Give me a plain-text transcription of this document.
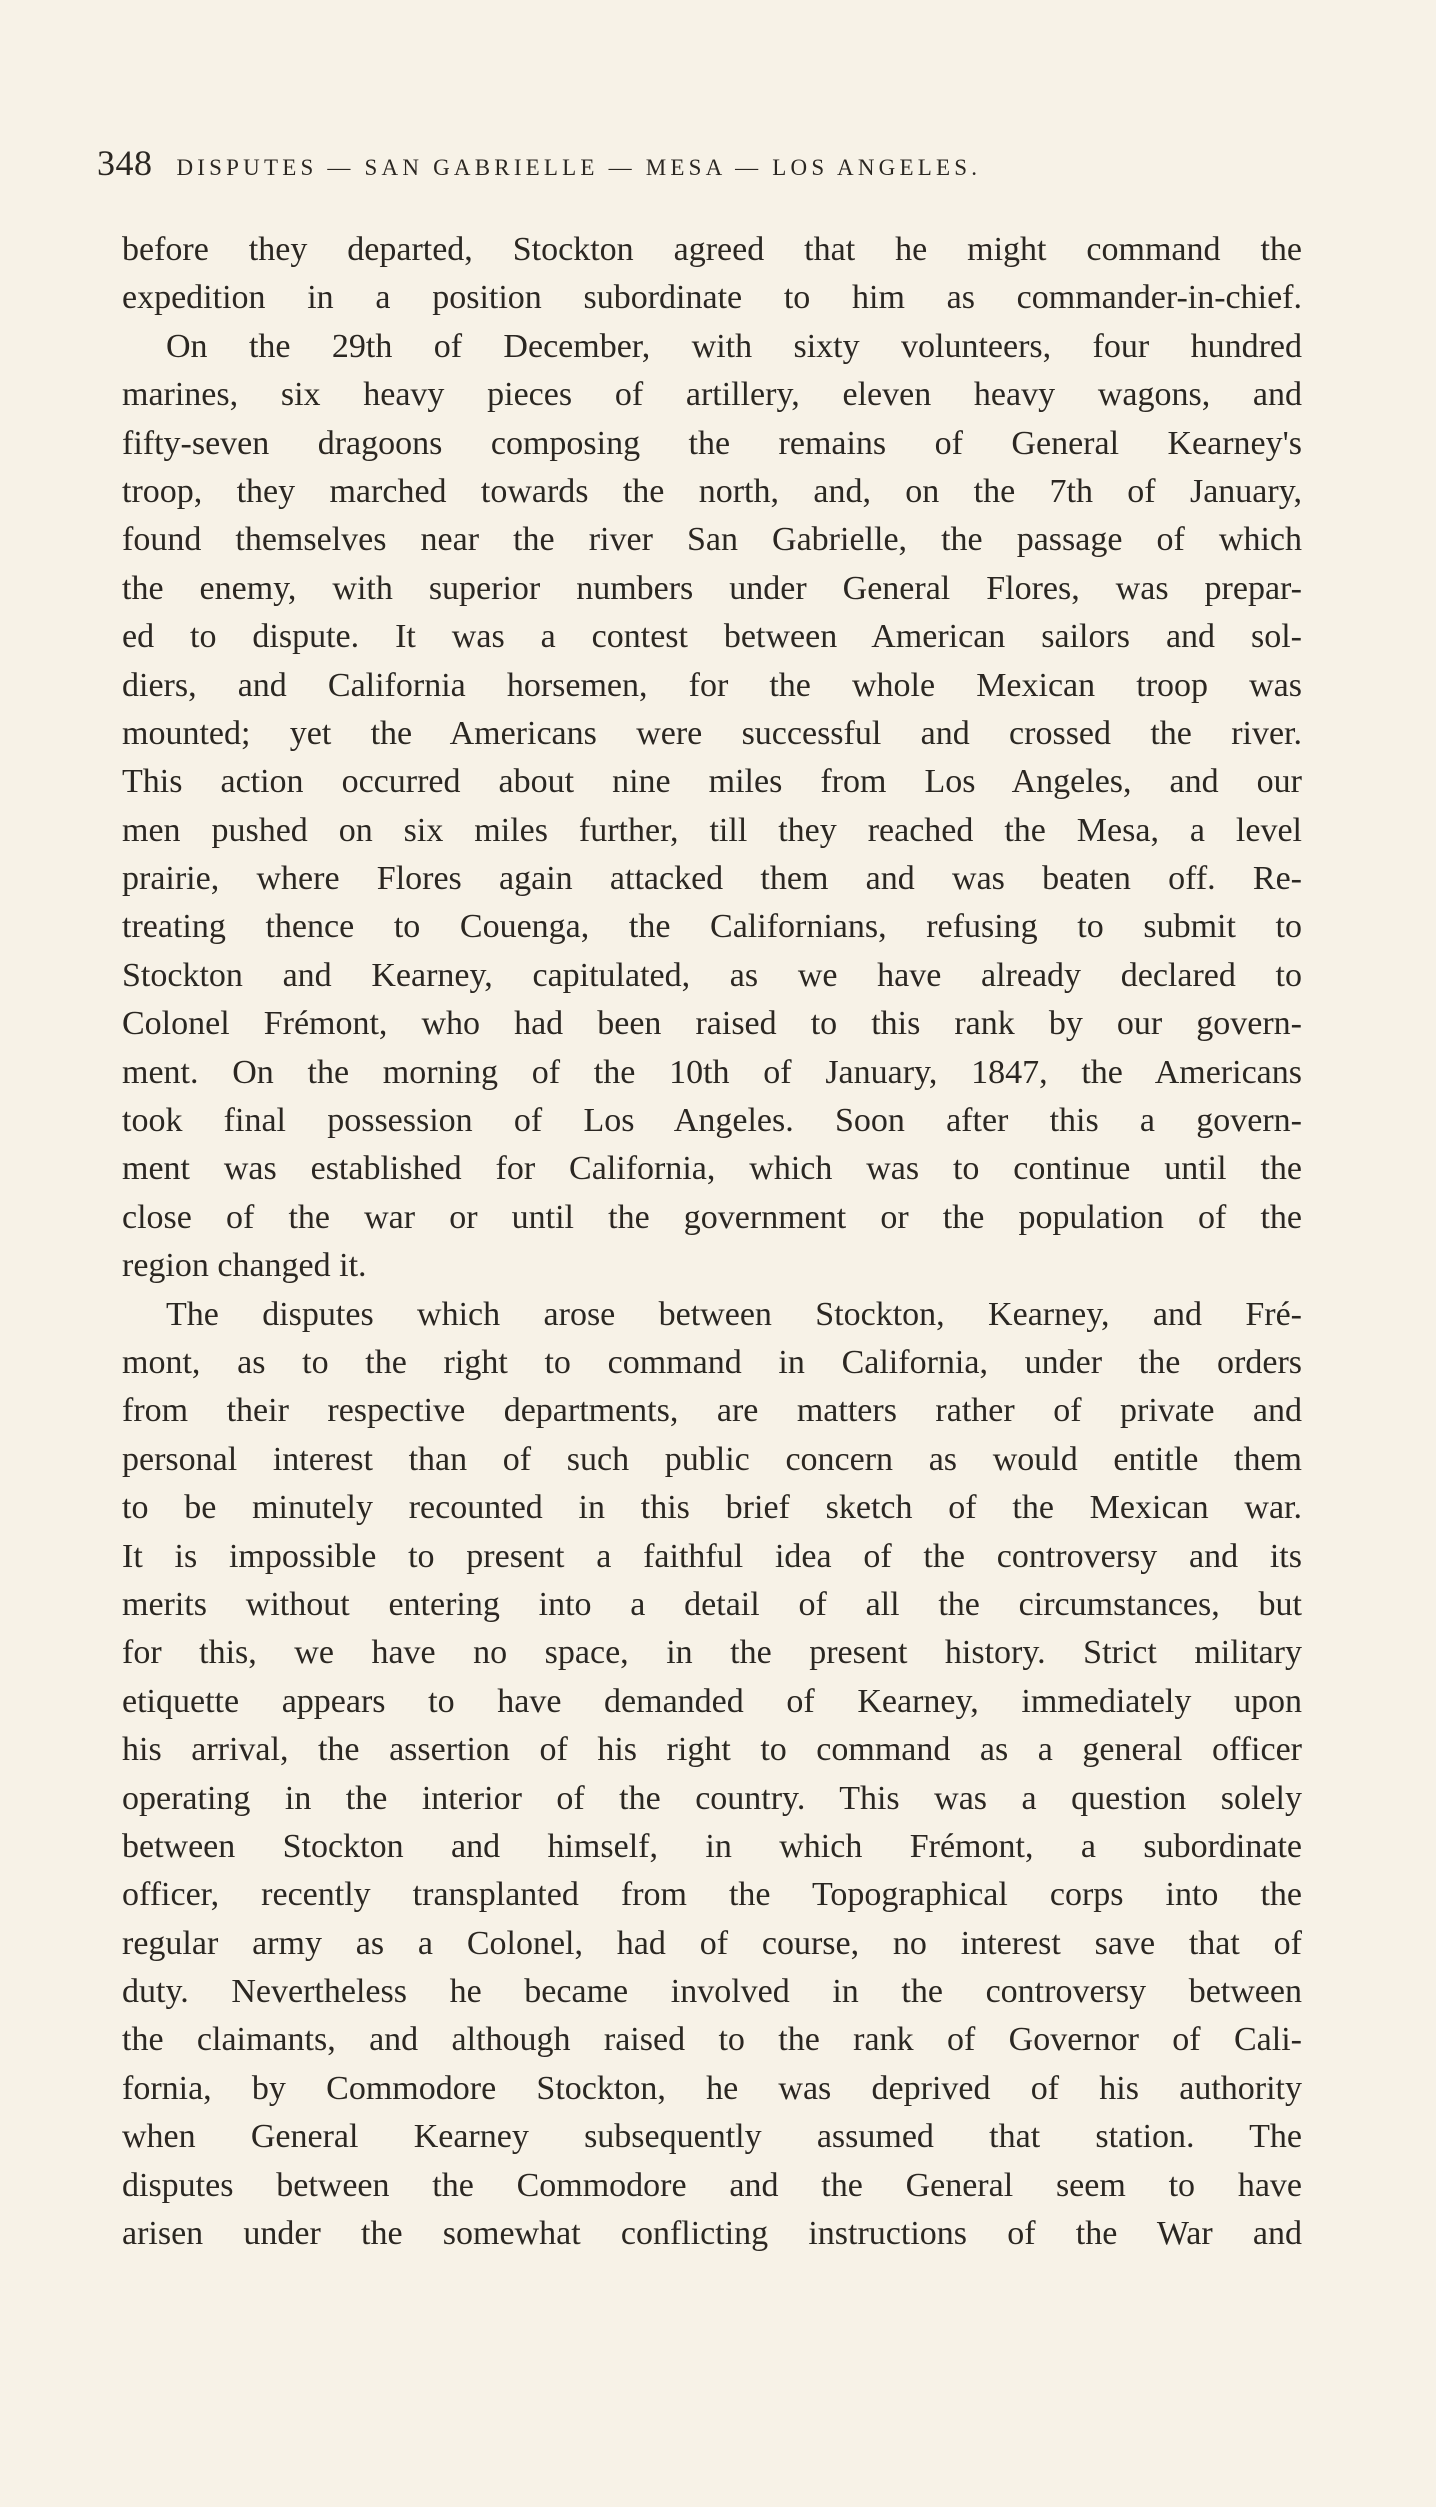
348 DISPUTES — SAN GABRIELLE — MESA — LOS ANGELES.
before they departed, Stockton agreed that he might command the
expedition in a position subordinate to him as commander-in-chief.
On the 29th of December, with sixty volunteers, four hundred
marines, six heavy pieces of artillery, eleven heavy wagons, and
fifty-seven dragoons composing the remains of General Kearney's
troop, they marched towards the north, and, on the 7th of January,
found themselves near the river San Gabrielle, the passage of which
the enemy, with superior numbers under General Flores, was prepar-
ed to dispute. It was a contest between American sailors and sol-
diers, and California horsemen, for the whole Mexican troop was
mounted; yet the Americans were successful and crossed the river.
This action occurred about nine miles from Los Angeles, and our
men pushed on six miles further, till they reached the Mesa, a level
prairie, where Flores again attacked them and was beaten off. Re-
treating thence to Couenga, the Californians, refusing to submit to
Stockton and Kearney, capitulated, as we have already declared to
Colonel Frémont, who had been raised to this rank by our govern-
ment. On the morning of the 10th of January, 1847, the Americans
took final possession of Los Angeles. Soon after this a govern-
ment was established for California, which was to continue until the
close of the war or until the government or the population of the
region changed it.
The disputes which arose between Stockton, Kearney, and Fré-
mont, as to the right to command in California, under the orders
from their respective departments, are matters rather of private and
personal interest than of such public concern as would entitle them
to be minutely recounted in this brief sketch of the Mexican war.
It is impossible to present a faithful idea of the controversy and its
merits without entering into a detail of all the circumstances, but
for this, we have no space, in the present history. Strict military
etiquette appears to have demanded of Kearney, immediately upon
his arrival, the assertion of his right to command as a general officer
operating in the interior of the country. This was a question solely
between Stockton and himself, in which Frémont, a subordinate
officer, recently transplanted from the Topographical corps into the
regular army as a Colonel, had of course, no interest save that of
duty. Nevertheless he became involved in the controversy between
the claimants, and although raised to the rank of Governor of Cali-
fornia, by Commodore Stockton, he was deprived of his authority
when General Kearney subsequently assumed that station. The
disputes between the Commodore and the General seem to have
arisen under the somewhat conflicting instructions of the War and
